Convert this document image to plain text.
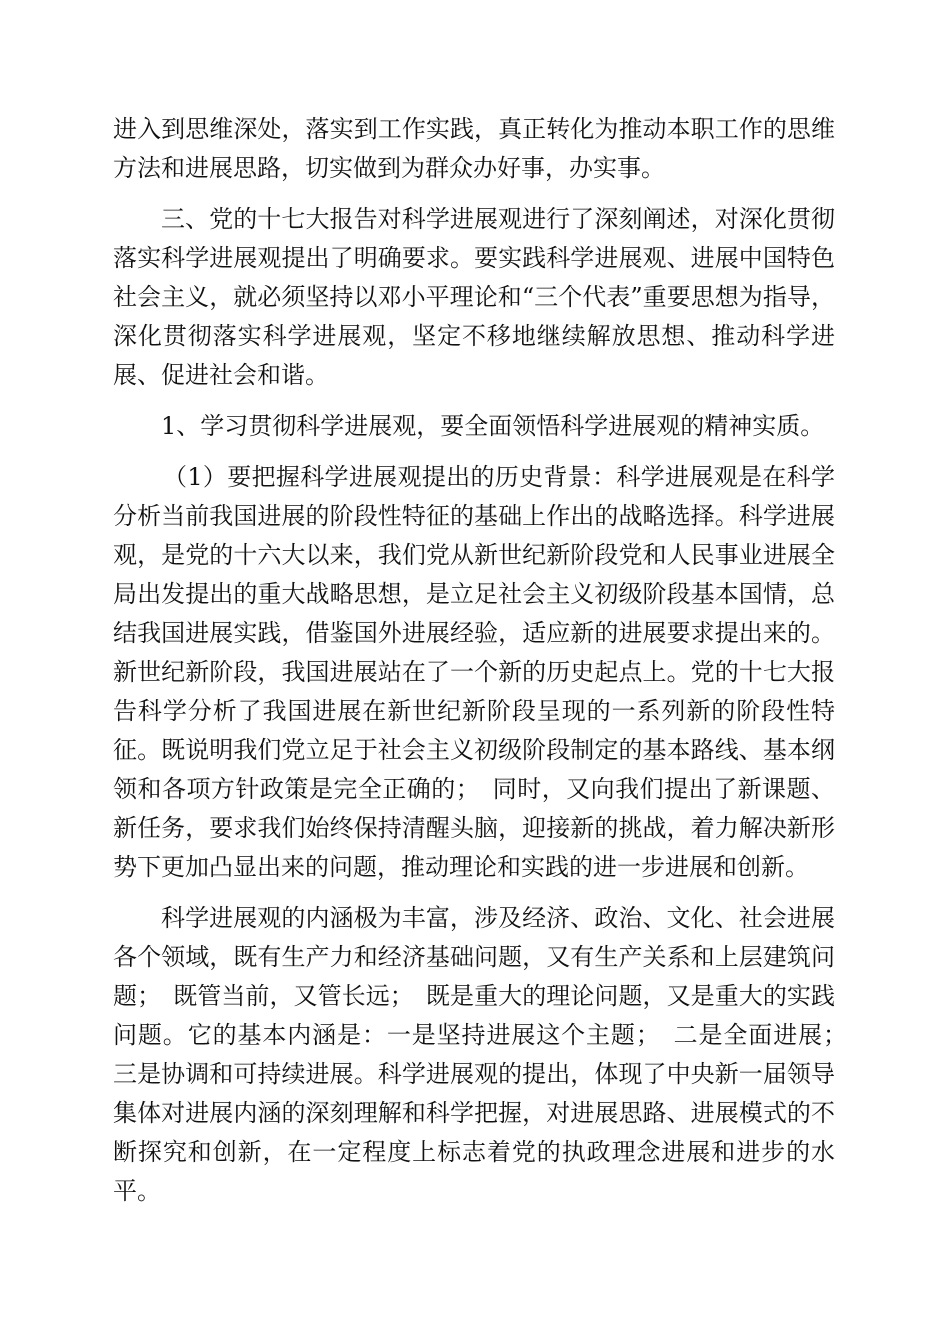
进入到思维深处，落实到工作实践，真正转化为推动本职工作的思维方法和进展思路，切实做到为群众办好事，办实事。

三、党的十七大报告对科学进展观进行了深刻阐述，对深化贯彻落实科学进展观提出了明确要求。要实践科学进展观、进展中国特色社会主义，就必须坚持以邓小平理论和“三个代表”重要思想为指导，深化贯彻落实科学进展观，坚定不移地继续解放思想、推动科学进展、促进社会和谐。

1、学习贯彻科学进展观，要全面领悟科学进展观的精神实质。

（1）要把握科学进展观提出的历史背景：科学进展观是在科学分析当前我国进展的阶段性特征的基础上作出的战略选择。科学进展观，是党的十六大以来，我们党从新世纪新阶段党和人民事业进展全局出发提出的重大战略思想，是立足社会主义初级阶段基本国情，总结我国进展实践，借鉴国外进展经验，适应新的进展要求提出来的。新世纪新阶段，我国进展站在了一个新的历史起点上。党的十七大报告科学分析了我国进展在新世纪新阶段呈现的一系列新的阶段性特征。既说明我们党立足于社会主义初级阶段制定的基本路线、基本纲领和各项方针政策是完全正确的；　同时，又向我们提出了新课题、新任务，要求我们始终保持清醒头脑，迎接新的挑战，着力解决新形势下更加凸显出来的问题，推动理论和实践的进一步进展和创新。

科学进展观的内涵极为丰富，涉及经济、政治、文化、社会进展各个领域，既有生产力和经济基础问题，又有生产关系和上层建筑问题；　既管当前，又管长远；　既是重大的理论问题，又是重大的实践问题。它的基本内涵是：一是坚持进展这个主题；　二是全面进展；　三是协调和可持续进展。科学进展观的提出，体现了中央新一届领导集体对进展内涵的深刻理解和科学把握，对进展思路、进展模式的不断探究和创新，在一定程度上标志着党的执政理念进展和进步的水平。
